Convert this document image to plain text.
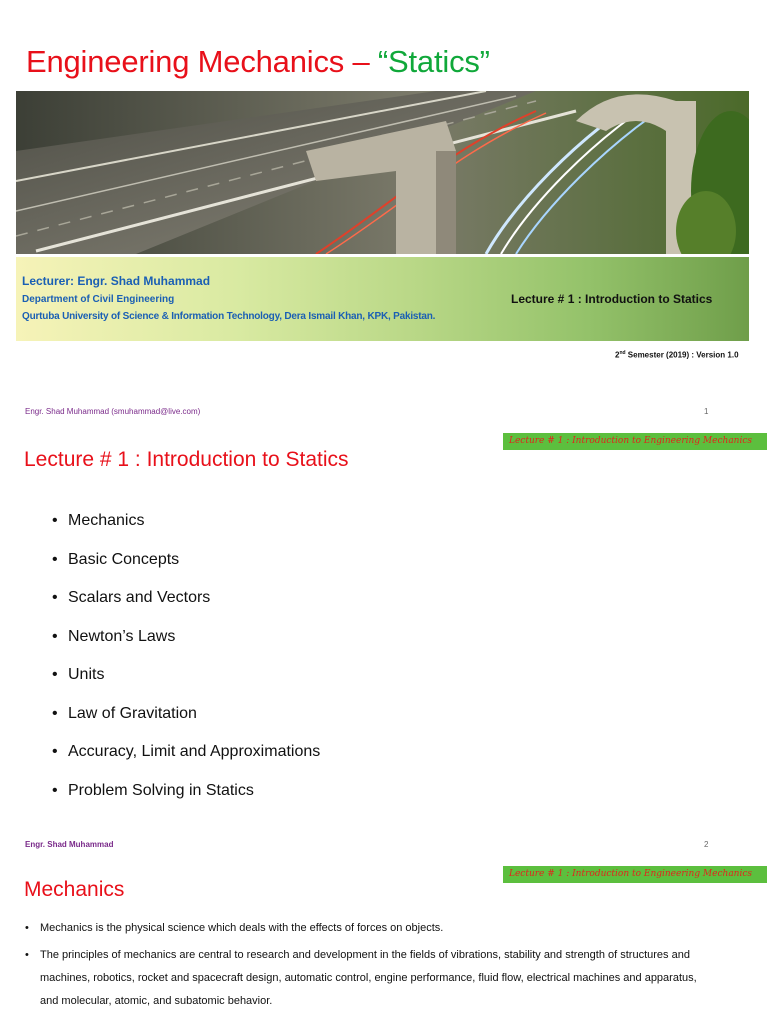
Engineering Mechanics – “Statics”
Lecturer: Engr. Shad Muhammad
Department of Civil Engineering
Qurtuba University of Science & Information Technology, Dera Ismail Khan, KPK, Pakistan.
Lecture # 1 : Introduction to Statics
2nd Semester (2019) : Version 1.0
Engr. Shad Muhammad (smuhammad@live.com)	1
Lecture # 1 : Introduction to Engineering Mechanics
Lecture # 1 : Introduction to Statics
• Mechanics
• Basic Concepts
• Scalars and Vectors
• Newton’s Laws
• Units
• Law of Gravitation
• Accuracy, Limit and Approximations
• Problem Solving in Statics
Engr. Shad Muhammad	2
Lecture # 1 : Introduction to Engineering Mechanics
Mechanics
• Mechanics is the physical science which deals with the effects of forces on objects.
• The principles of mechanics are central to research and development in the fields of vibrations, stability and strength of structures and
machines, robotics, rocket and spacecraft design, automatic control, engine performance, fluid flow, electrical machines and apparatus,
and molecular, atomic, and subatomic behavior.
